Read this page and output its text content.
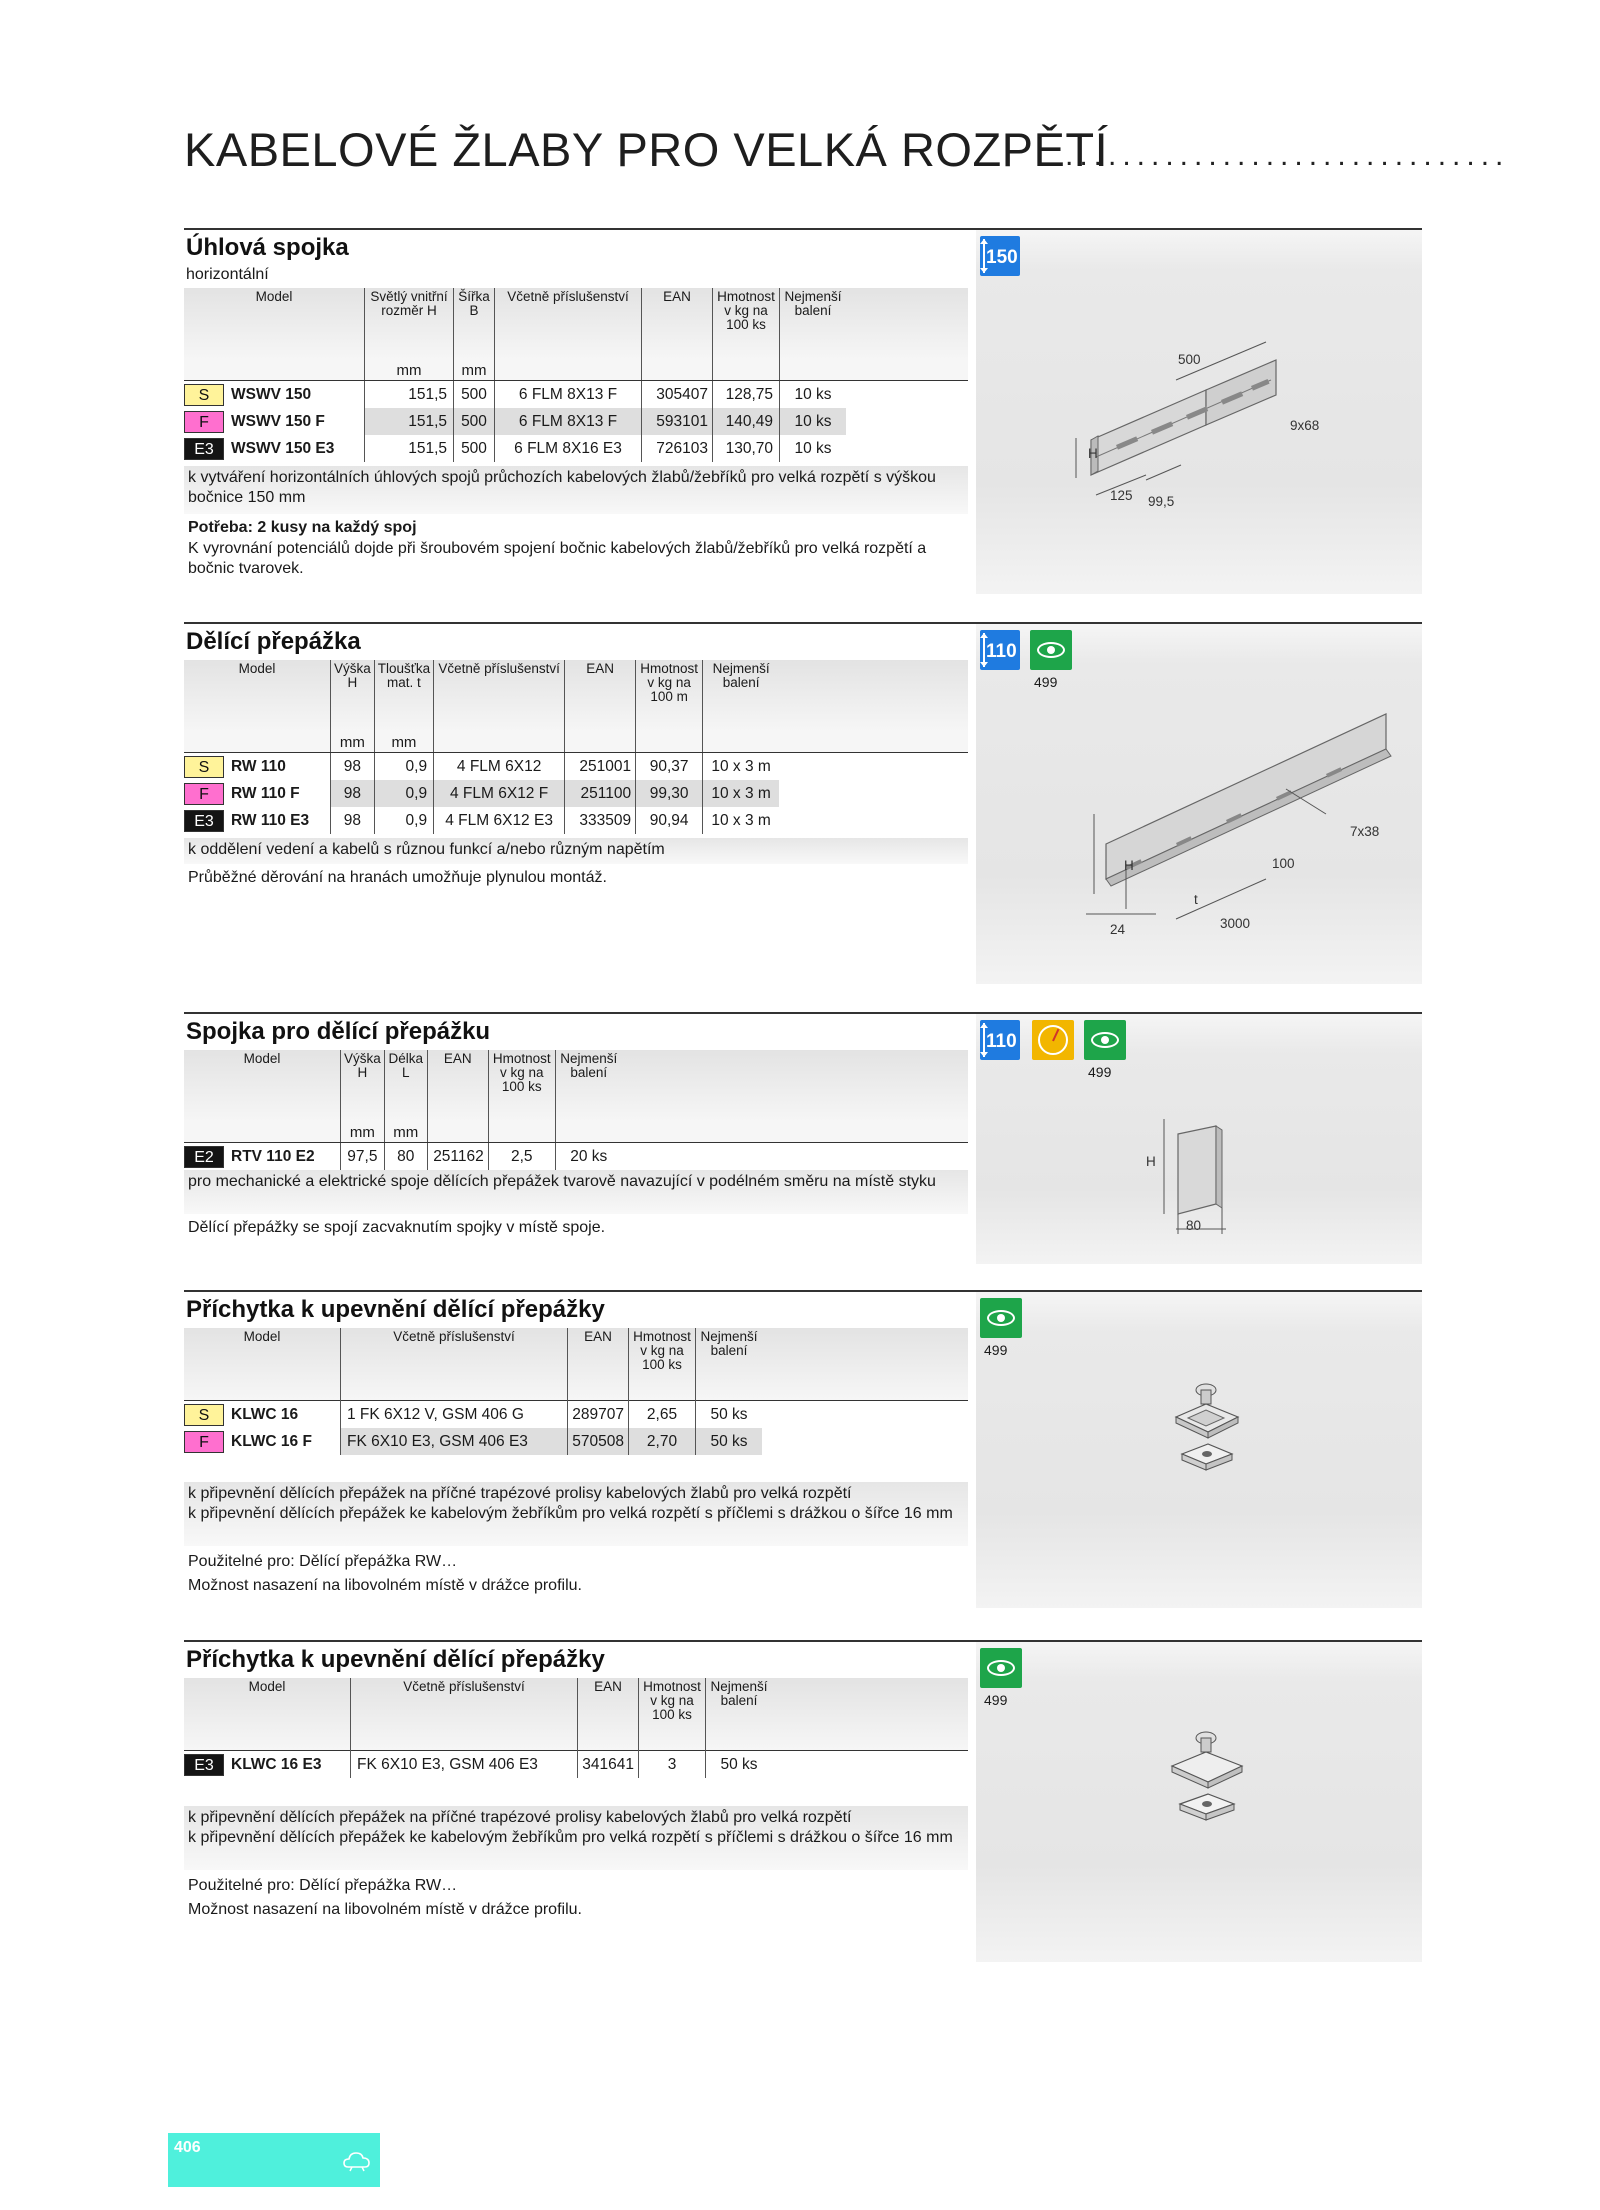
KABELOVÉ ŽLABY PRO VELKÁ ROZPĚTÍ
...............................
Úhlová spojka
horizontální
Model	Světlý vnitřní rozměr H	Šířka B	Včetně příslušenství	EAN	Hmotnost v kg na 100 ks	Nejmenší balení	
	mm	mm					
S WSWV 150	151,5	500	6 FLM 8X13 F	305407	128,75	10 ks	
F WSWV 150 F	151,5	500	6 FLM 8X13 F	593101	140,49	10 ks	
E3 WSWV 150 E3	151,5	500	6 FLM 8X16 E3	726103	130,70	10 ks	
k vytváření horizontálních úhlových spojů průchozích kabelových žlabů/žebříků pro velká rozpětí s výškou bočnice 150 mm
Potřeba: 2 kusy na každý spoj
K vyrovnání potenciálů dojde při šroubovém spojení bočnic kabelových žlabů/žebříků pro velká rozpětí a bočnic tvarovek.
150
500
9x68
H
125 99,5
Dělící přepážka
Model	Výška H	Tloušťka mat. t	Včetně příslušenství	EAN	Hmotnost v kg na 100 m	Nejmenší balení	
	mm	mm					
S RW 110	98	0,9	4 FLM 6X12	251001	90,37	10 x 3 m	
F RW 110 F	98	0,9	4 FLM 6X12 F	251100	99,30	10 x 3 m	
E3 RW 110 E3	98	0,9	4 FLM 6X12 E3	333509	90,94	10 x 3 m	
k oddělení vedení a kabelů s různou funkcí a/nebo různým napětím
Průběžné děrování na hranách umožňuje plynulou montáž.
110
499
7x38
H	100
t
24	3000
Spojka pro dělící přepážku
Model	Výška H	Délka L	EAN	Hmotnost v kg na 100 ks	Nejmenší balení	
	mm	mm				
E2 RTV 110 E2	97,5	80	251162	2,5	20 ks	
pro mechanické a elektrické spoje dělících přepážek tvarově navazující v podélném směru na místě styku
Dělící přepážky se spojí zacvaknutím spojky v místě spoje.
110
499
H
80
Příchytka k upevnění dělící přepážky
Model	Včetně příslušenství	EAN	Hmotnost v kg na 100 ks	Nejmenší balení	
S KLWC 16	1 FK 6X12 V, GSM 406 G	289707	2,65	50 ks	
F KLWC 16 F	FK 6X10 E3, GSM 406 E3	570508	2,70	50 ks	
k připevnění dělících přepážek na příčné trapézové prolisy kabelových žlabů pro velká rozpětí
k připevnění dělících přepážek ke kabelovým žebříkům pro velká rozpětí s příčlemi s drážkou o šířce 16 mm
Použitelné pro: Dělící přepážka RW…
Možnost nasazení na libovolném místě v drážce profilu.
499
Příchytka k upevnění dělící přepážky
Model	Včetně příslušenství	EAN	Hmotnost v kg na 100 ks	Nejmenší balení	
E3 KLWC 16 E3	FK 6X10 E3, GSM 406 E3	341641	3	50 ks	
k připevnění dělících přepážek na příčné trapézové prolisy kabelových žlabů pro velká rozpětí
k připevnění dělících přepážek ke kabelovým žebříkům pro velká rozpětí s příčlemi s drážkou o šířce 16 mm
Použitelné pro: Dělící přepážka RW…
Možnost nasazení na libovolném místě v drážce profilu.
499
406
